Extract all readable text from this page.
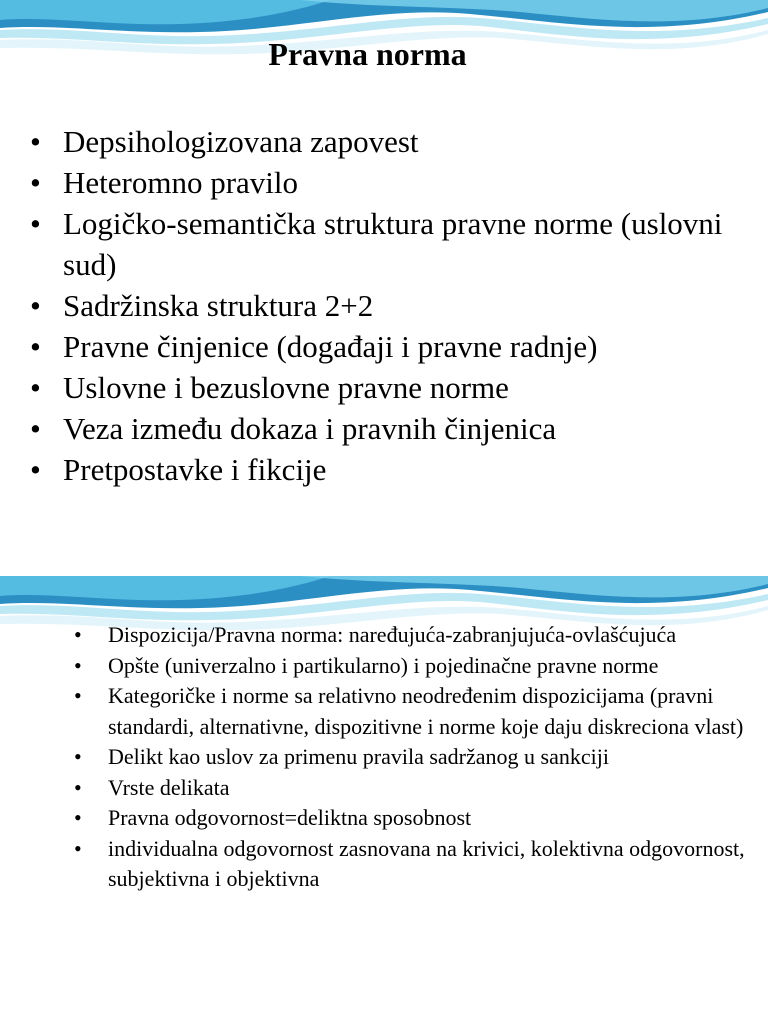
Pravna norma
• Depsihologizovana zapovest
• Heteromno pravilo
• Logičko-semantička struktura pravne norme (uslovni sud)
• Sadržinska struktura 2+2
• Pravne činjenice (događaji i pravne radnje)
• Uslovne i bezuslovne pravne norme
• Veza između dokaza i pravnih činjenica
• Pretpostavke i fikcije
• Dispozicija/Pravna norma: naređujuća-zabranjujuća-ovlašćujuća
• Opšte (univerzalno i partikularno) i pojedinačne pravne norme
• Kategoričke i norme sa relativno neodređenim dispozicijama (pravni standardi, alternativne, dispozitivne i norme koje daju diskreciona vlast)
• Delikt kao uslov za primenu pravila sadržanog u sankciji
• Vrste delikata
• Pravna odgovornost=deliktna sposobnost
• individualna odgovornost zasnovana na krivici, kolektivna odgovornost, subjektivna i objektivna
